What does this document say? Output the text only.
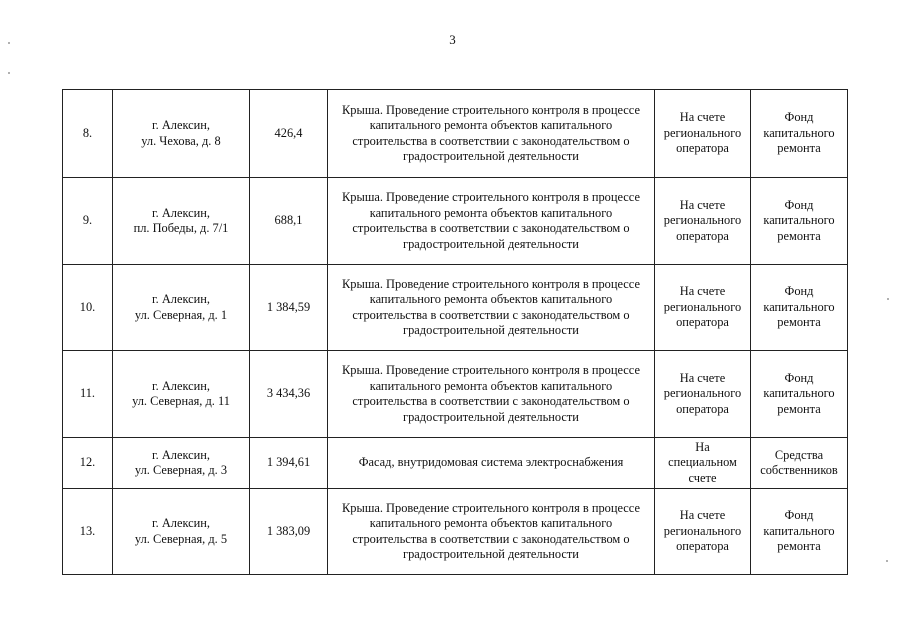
3
8.	г. Алексин,
ул. Чехова, д. 8	426,4	Крыша. Проведение строительного контроля в процессе
капитального ремонта объектов капитального
строительства в соответствии с законодательством о
градостроительной деятельности	На счете
регионального
оператора	Фонд
капитального
ремонта

9.	г. Алексин,
пл. Победы, д. 7/1	688,1	Крыша. Проведение строительного контроля в процессе
капитального ремонта объектов капитального
строительства в соответствии с законодательством о
градостроительной деятельности	На счете
регионального
оператора	Фонд
капитального
ремонта

10.	г. Алексин,
ул. Северная, д. 1	1 384,59	Крыша. Проведение строительного контроля в процессе
капитального ремонта объектов капитального
строительства в соответствии с законодательством о
градостроительной деятельности	На счете
регионального
оператора	Фонд
капитального
ремонта

11.	г. Алексин,
ул. Северная, д. 11	3 434,36	Крыша. Проведение строительного контроля в процессе
капитального ремонта объектов капитального
строительства в соответствии с законодательством о
градостроительной деятельности	На счете
регионального
оператора	Фонд
капитального
ремонта

12.	г. Алексин,
ул. Северная, д. 3	1 394,61	Фасад, внутридомовая система электроснабжения	На
специальном
счете	Средства
собственников

13.	г. Алексин,
ул. Северная, д. 5	1 383,09	Крыша. Проведение строительного контроля в процессе
капитального ремонта объектов капитального
строительства в соответствии с законодательством о
градостроительной деятельности	На счете
регионального
оператора	Фонд
капитального
ремонта
